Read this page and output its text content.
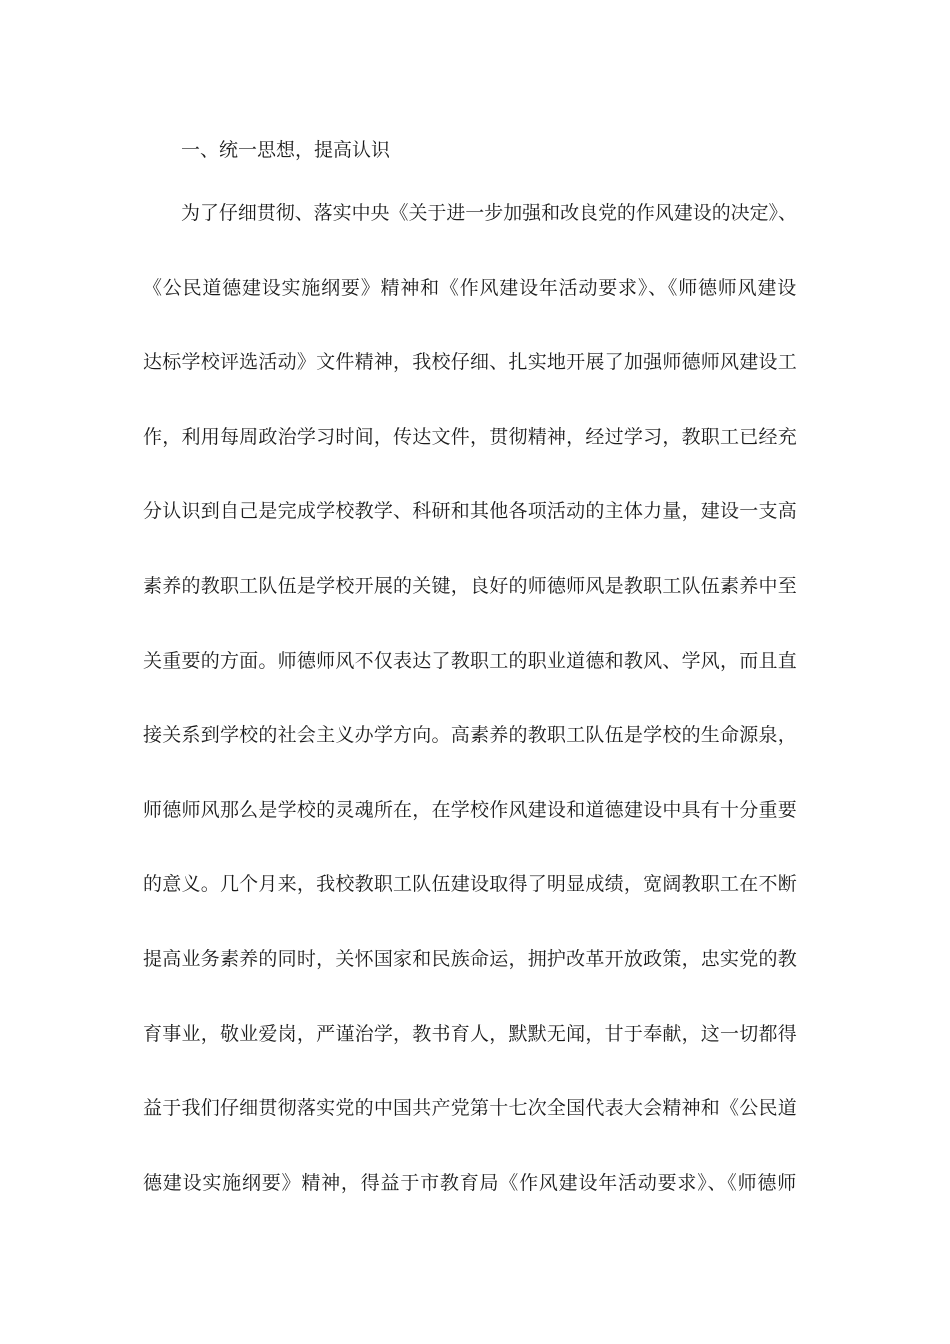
一、统一思想，提高认识
为了仔细贯彻、落实中央《关于进一步加强和改良党的作风建设的决定》、
《公民道德建设实施纲要》精神和《作风建设年活动要求》、《师德师风建设
达标学校评选活动》文件精神，我校仔细、扎实地开展了加强师德师风建设工
作，利用每周政治学习时间，传达文件，贯彻精神，经过学习，教职工已经充
分认识到自己是完成学校教学、科研和其他各项活动的主体力量，建设一支高
素养的教职工队伍是学校开展的关键，良好的师德师风是教职工队伍素养中至
关重要的方面。师德师风不仅表达了教职工的职业道德和教风、学风，而且直
接关系到学校的社会主义办学方向。高素养的教职工队伍是学校的生命源泉，
师德师风那么是学校的灵魂所在，在学校作风建设和道德建设中具有十分重要
的意义。几个月来，我校教职工队伍建设取得了明显成绩，宽阔教职工在不断
提高业务素养的同时，关怀国家和民族命运，拥护改革开放政策，忠实党的教
育事业，敬业爱岗，严谨治学，教书育人，默默无闻，甘于奉献，这一切都得
益于我们仔细贯彻落实党的中国共产党第十七次全国代表大会精神和《公民道
德建设实施纲要》精神，得益于市教育局《作风建设年活动要求》、《师德师
